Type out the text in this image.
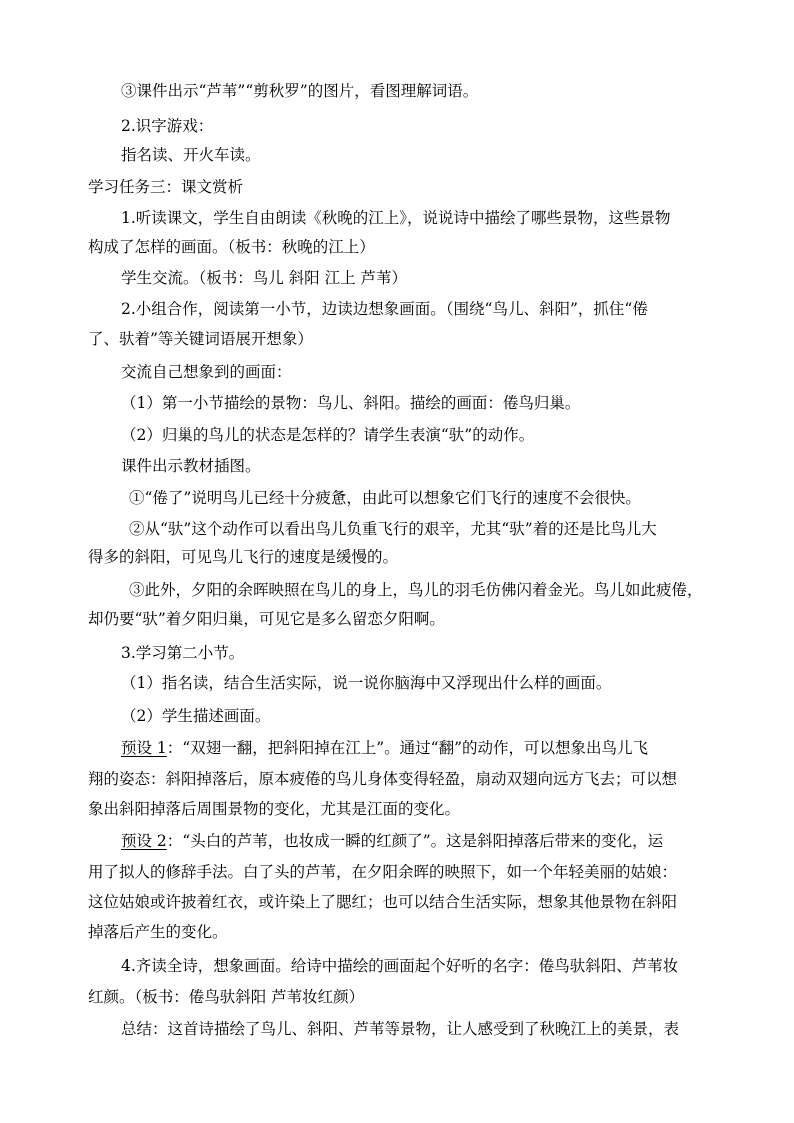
③课件出示“芦苇”“剪秋罗”的图片，看图理解词语。

2.识字游戏：

指名读、开火车读。

学习任务三：课文赏析

1.听读课文，学生自由朗读《秋晚的江上》，说说诗中描绘了哪些景物，这些景物

构成了怎样的画面。（板书：秋晚的江上）

学生交流。（板书：鸟儿 斜阳 江上 芦苇）

2.小组合作，阅读第一小节，边读边想象画面。（围绕“鸟儿、斜阳”，抓住“倦

了、驮着”等关键词语展开想象）

交流自己想象到的画面：

（1）第一小节描绘的景物：鸟儿、斜阳。描绘的画面：倦鸟归巢。

（2）归巢的鸟儿的状态是怎样的？请学生表演“驮”的动作。

课件出示教材插图。

①“倦了”说明鸟儿已经十分疲惫，由此可以想象它们飞行的速度不会很快。

②从“驮”这个动作可以看出鸟儿负重飞行的艰辛，尤其“驮”着的还是比鸟儿大

得多的斜阳，可见鸟儿飞行的速度是缓慢的。

③此外，夕阳的余晖映照在鸟儿的身上，鸟儿的羽毛仿佛闪着金光。鸟儿如此疲倦，

却仍要“驮”着夕阳归巢，可见它是多么留恋夕阳啊。

3.学习第二小节。

（1）指名读，结合生活实际，说一说你脑海中又浮现出什么样的画面。

（2）学生描述画面。

预设 1：“双翅一翻，把斜阳掉在江上”。通过“翻”的动作，可以想象出鸟儿飞

翔的姿态：斜阳掉落后，原本疲倦的鸟儿身体变得轻盈，扇动双翅向远方飞去；可以想

象出斜阳掉落后周围景物的变化，尤其是江面的变化。

预设 2：“头白的芦苇，也妆成一瞬的红颜了”。这是斜阳掉落后带来的变化，运

用了拟人的修辞手法。白了头的芦苇，在夕阳余晖的映照下，如一个年轻美丽的姑娘：

这位姑娘或许披着红衣，或许染上了腮红；也可以结合生活实际，想象其他景物在斜阳

掉落后产生的变化。

4.齐读全诗，想象画面。给诗中描绘的画面起个好听的名字：倦鸟驮斜阳、芦苇妆

红颜。（板书：倦鸟驮斜阳 芦苇妆红颜）

总结：这首诗描绘了鸟儿、斜阳、芦苇等景物，让人感受到了秋晚江上的美景，表
